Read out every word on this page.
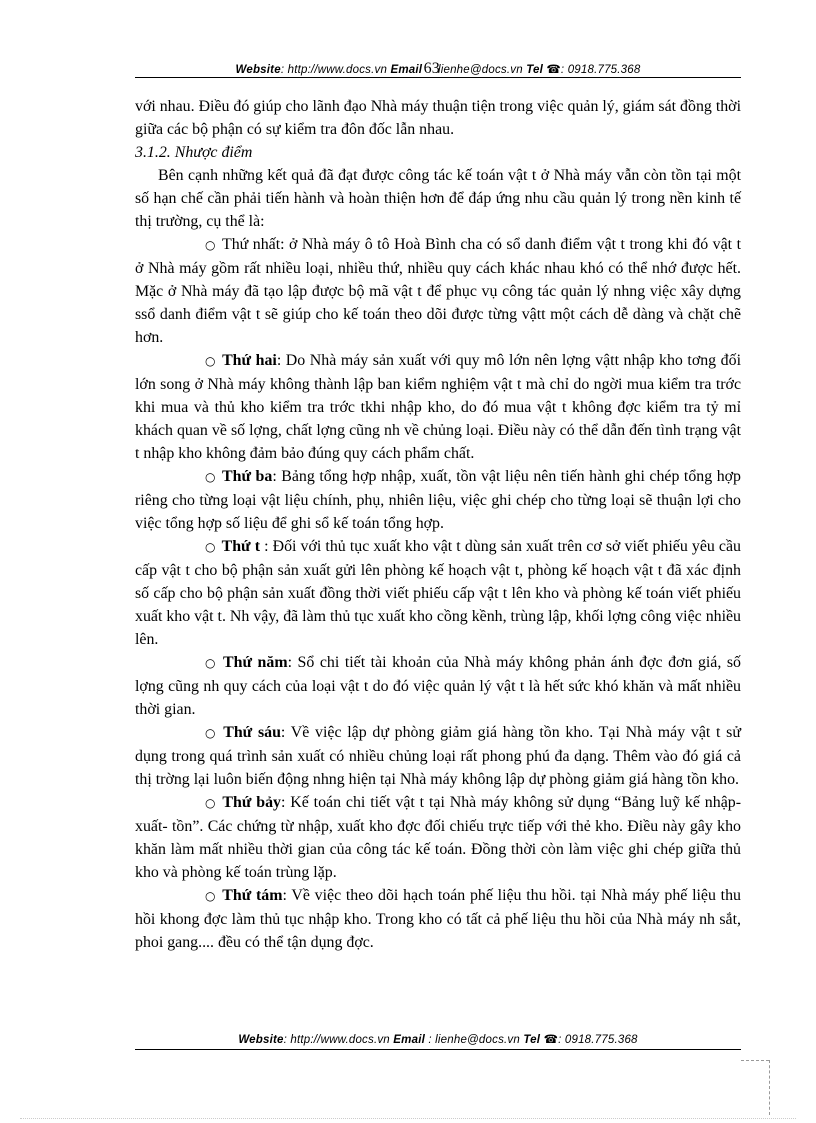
Website: http://www.docs.vn Email 63lienhe@docs.vn Tel ☎: 0918.775.368

với nhau. Điều đó giúp cho lãnh đạo Nhà máy thuận tiện trong việc quản lý, giám sát đồng thời giữa các bộ phận có sự kiểm tra đôn đốc lẫn nhau.

3.1.2. Nhược điểm

Bên cạnh những kết quả đã đạt được công tác kế toán vật t ở Nhà máy vẫn còn tồn tại một số hạn chế cần phải tiến hành và hoàn thiện hơn để đáp ứng nhu cầu quản lý trong nền kinh tế thị trường, cụ thể là:

○ Thứ nhất: ở Nhà máy ô tô Hoà Bình cha có sổ danh điểm vật t trong khi đó vật t ở Nhà máy gồm rất nhiều loại, nhiều thứ, nhiều quy cách khác nhau khó có thể nhớ được hết. Mặc ở Nhà máy đã tạo lập được bộ mã vật t để phục vụ công tác quản lý nhng việc xây dựng ssổ danh điểm vật t sẽ giúp cho kế toán theo dõi được từng vậtt một cách dễ dàng và chặt chẽ hơn.

○ Thứ hai: Do Nhà máy sản xuất với quy mô lớn nên lợng vậtt nhập kho tơng đối lớn song ở Nhà máy không thành lập ban kiểm nghiệm vật t mà chỉ do ngời mua kiểm tra trớc khi mua và thủ kho kiểm tra trớc tkhi nhập kho, do đó mua vật t không đợc kiểm tra tỷ mỉ khách quan về số lợng, chất lợng cũng nh về chủng loại. Điều này có thể dẫn đến tình trạng vật t nhập kho không đảm bảo đúng quy cách phẩm chất.

○ Thứ ba: Bảng tổng hợp nhập, xuất, tồn vật liệu nên tiến hành ghi chép tổng hợp riêng cho từng loại vật liệu chính, phụ, nhiên liệu, việc ghi chép cho từng loại sẽ thuận lợi cho việc tổng hợp số liệu để ghi sổ kế toán tổng hợp.

○ Thứ t : Đối với thủ tục xuất kho vật t dùng sản xuất trên cơ sở viết phiếu yêu cầu cấp vật t cho bộ phận sản xuất gửi lên phòng kế hoạch vật t, phòng kế hoạch vật t đã xác định số cấp cho bộ phận sản xuất đồng thời viết phiếu cấp vật t lên kho và phòng kế toán viết phiếu xuất kho vật t. Nh vậy, đã làm thủ tục xuất kho cồng kềnh, trùng lập, khối lợng công việc nhiều lên.

○ Thứ năm: Sổ chi tiết tài khoản của Nhà máy không phản ánh đợc đơn giá, số lợng cũng nh quy cách của loại vật t do đó việc quản lý vật t là hết sức khó khăn và mất nhiều thời gian.

○ Thứ sáu: Về việc lập dự phòng giảm giá hàng tồn kho. Tại Nhà máy vật t sử dụng trong quá trình sản xuất có nhiều chủng loại rất phong phú đa dạng. Thêm vào đó giá cả thị trờng lại luôn biến động nhng hiện tại Nhà máy không lập dự phòng giảm giá hàng tồn kho.

○ Thứ bảy: Kế toán chi tiết vật t tại Nhà máy không sử dụng “Bảng luỹ kế nhập- xuất- tồn”. Các chứng từ nhập, xuất kho đợc đối chiếu trực tiếp với thẻ kho. Điều này gây kho khăn làm mất nhiều thời gian của công tác kế toán. Đồng thời còn làm việc ghi chép giữa thủ kho và phòng kế toán trùng lặp.

○ Thứ tám: Về việc theo dõi hạch toán phế liệu thu hồi. tại Nhà máy phế liệu thu hồi khong đợc làm thủ tục nhập kho. Trong kho có tất cả phế liệu thu hồi của Nhà máy nh sắt, phoi gang.... đều có thể tận dụng đợc.

Website: http://www.docs.vn Email : lienhe@docs.vn Tel ☎: 0918.775.368
